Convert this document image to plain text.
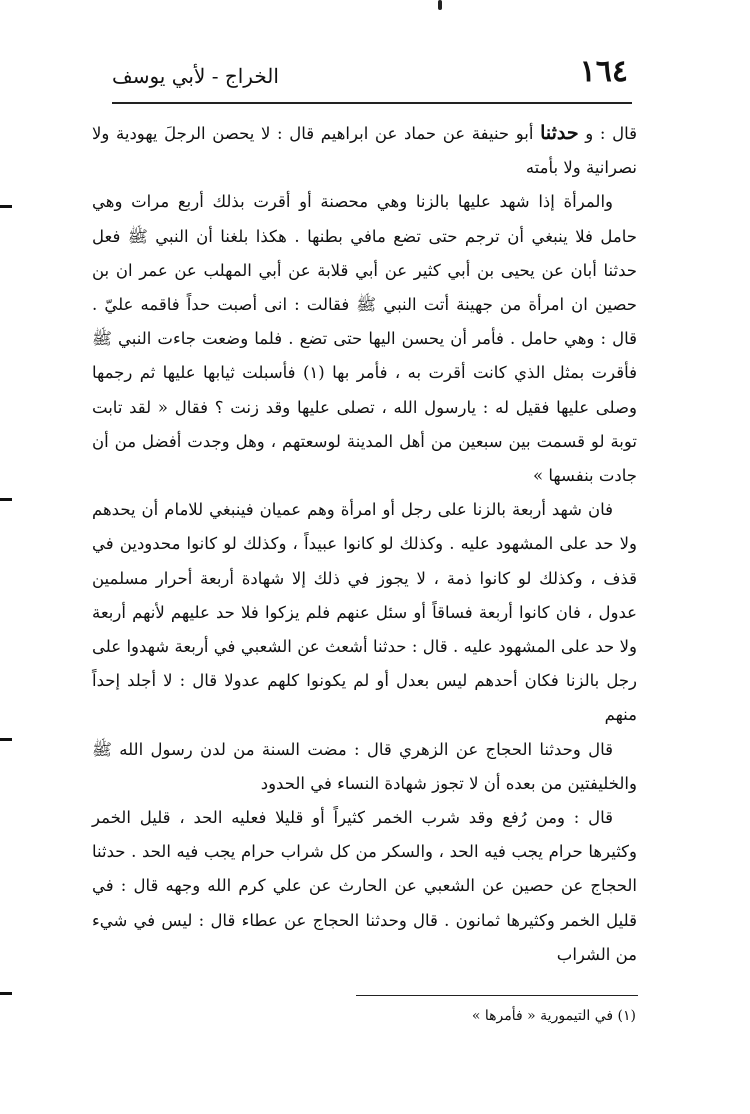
١٦٤
الخراج - لأبي يوسف

قال : و حدثنا أبو حنيفة عن حماد عن ابراهيم قال : لا يحصن الرجلَ يهودية ولا نصرانية ولا بأمته

والمرأة إذا شهد عليها بالزنا وهي محصنة أو أقرت بذلك أربع مرات وهي حامل فلا ينبغي أن ترجم حتى تضع مافي بطنها . هكذا بلغنا أن النبي ﷺ فعل حدثنا أبان عن يحيى بن أبي كثير عن أبي قلابة عن أبي المهلب عن عمر ان بن حصين ان امرأة من جهينة أتت النبي ﷺ فقالت : انى أصبت حداً فاقمه عليّ . قال : وهي حامل . فأمر أن يحسن اليها حتى تضع . فلما وضعت جاءت النبي ﷺ فأقرت بمثل الذي كانت أقرت به ، فأمر بها (١) فأسبلت ثيابها عليها ثم رجمها وصلى عليها فقيل له : يارسول الله ، تصلى عليها وقد زنت ؟ فقال « لقد تابت توبة لو قسمت بين سبعين من أهل المدينة لوسعتهم ، وهل وجدت أفضل من أن جادت بنفسها »

فان شهد أربعة بالزنا على رجل أو امرأة وهم عميان فينبغي للامام أن يحدهم ولا حد على المشهود عليه . وكذلك لو كانوا عبيداً ، وكذلك لو كانوا محدودين في قذف ، وكذلك لو كانوا ذمة ، لا يجوز في ذلك إلا شهادة أربعة أحرار مسلمين عدول ، فان كانوا أربعة فساقاً أو سئل عنهم فلم يزكوا فلا حد عليهم لأنهم أربعة ولا حد على المشهود عليه . قال : حدثنا أشعث عن الشعبي في أربعة شهدوا على رجل بالزنا فكان أحدهم ليس بعدل أو لم يكونوا كلهم عدولا قال : لا أجلد إحداً منهم

قال وحدثنا الحجاج عن الزهري قال : مضت السنة من لدن رسول الله ﷺ والخليفتين من بعده أن لا تجوز شهادة النساء في الحدود

قال : ومن رُفع وقد شرب الخمر كثيراً أو قليلا فعليه الحد ، قليل الخمر وكثيرها حرام يجب فيه الحد ، والسكر من كل شراب حرام يجب فيه الحد . حدثنا الحجاج عن حصين عن الشعبي عن الحارث عن علي كرم الله وجهه قال : في قليل الخمر وكثيرها ثمانون . قال وحدثنا الحجاج عن عطاء قال : ليس في شيء من الشراب

(١) في التيمورية « فأمرها »
